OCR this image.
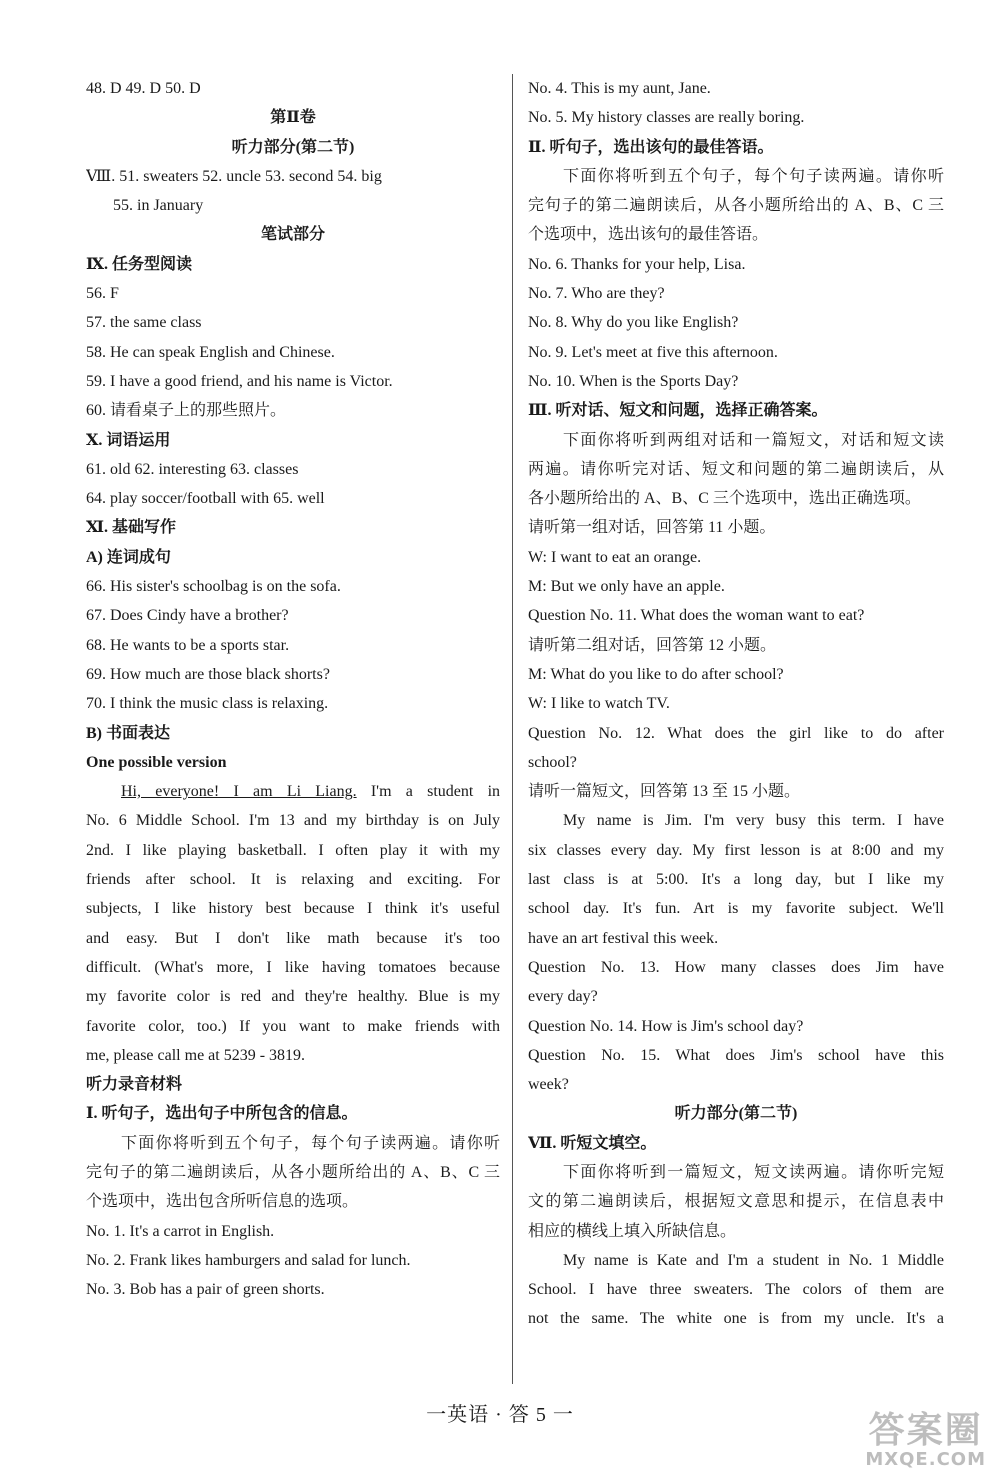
48. D 49. D 50. D
第Ⅱ卷
听力部分(第二节)
Ⅷ. 51. sweaters 52. uncle 53. second 54. big
55. in January
笔试部分
Ⅸ. 任务型阅读
56. F
57. the same class
58. He can speak English and Chinese.
59. I have a good friend, and his name is Victor.
60. 请看桌子上的那些照片。
Ⅹ. 词语运用
61. old 62. interesting 63. classes
64. play soccer/football with 65. well
Ⅺ. 基础写作
A) 连词成句
66. His sister's schoolbag is on the sofa.
67. Does Cindy have a brother?
68. He wants to be a sports star.
69. How much are those black shorts?
70. I think the music class is relaxing.
B) 书面表达
One possible version
Hi, everyone! I am Li Liang. I'm a student in
No. 6 Middle School. I'm 13 and my birthday is on July
2nd. I like playing basketball. I often play it with my
friends after school. It is relaxing and exciting. For
subjects, I like history best because I think it's useful
and easy. But I don't like math because it's too
difficult. (What's more, I like having tomatoes because
my favorite color is red and they're healthy. Blue is my
favorite color, too.) If you want to make friends with
me, please call me at 5239 - 3819.
听力录音材料
Ⅰ. 听句子，选出句子中所包含的信息。
下面你将听到五个句子，每个句子读两遍。请你听
完句子的第二遍朗读后，从各小题所给出的 A、B、C 三
个选项中，选出包含所听信息的选项。
No. 1. It's a carrot in English.
No. 2. Frank likes hamburgers and salad for lunch.
No. 3. Bob has a pair of green shorts.
No. 4. This is my aunt, Jane.
No. 5. My history classes are really boring.
Ⅱ. 听句子，选出该句的最佳答语。
下面你将听到五个句子，每个句子读两遍。请你听
完句子的第二遍朗读后，从各小题所给出的 A、B、C 三
个选项中，选出该句的最佳答语。
No. 6. Thanks for your help, Lisa.
No. 7. Who are they?
No. 8. Why do you like English?
No. 9. Let's meet at five this afternoon.
No. 10. When is the Sports Day?
Ⅲ. 听对话、短文和问题，选择正确答案。
下面你将听到两组对话和一篇短文，对话和短文读
两遍。请你听完对话、短文和问题的第二遍朗读后，从
各小题所给出的 A、B、C 三个选项中，选出正确选项。
请听第一组对话，回答第 11 小题。
W: I want to eat an orange.
M: But we only have an apple.
Question No. 11. What does the woman want to eat?
请听第二组对话，回答第 12 小题。
M: What do you like to do after school?
W: I like to watch TV.
Question No. 12. What does the girl like to do after
school?
请听一篇短文，回答第 13 至 15 小题。
My name is Jim. I'm very busy this term. I have
six classes every day. My first lesson is at 8:00 and my
last class is at 5:00. It's a long day, but I like my
school day. It's fun. Art is my favorite subject. We'll
have an art festival this week.
Question No. 13. How many classes does Jim have
every day?
Question No. 14. How is Jim's school day?
Question No. 15. What does Jim's school have this
week?
听力部分(第二节)
Ⅶ. 听短文填空。
下面你将听到一篇短文，短文读两遍。请你听完短
文的第二遍朗读后，根据短文意思和提示，在信息表中
相应的横线上填入所缺信息。
My name is Kate and I'm a student in No. 1 Middle
School. I have three sweaters. The colors of them are
not the same. The white one is from my uncle. It's a
一英语 · 答 5 一	答案圈
MXQE.COM
